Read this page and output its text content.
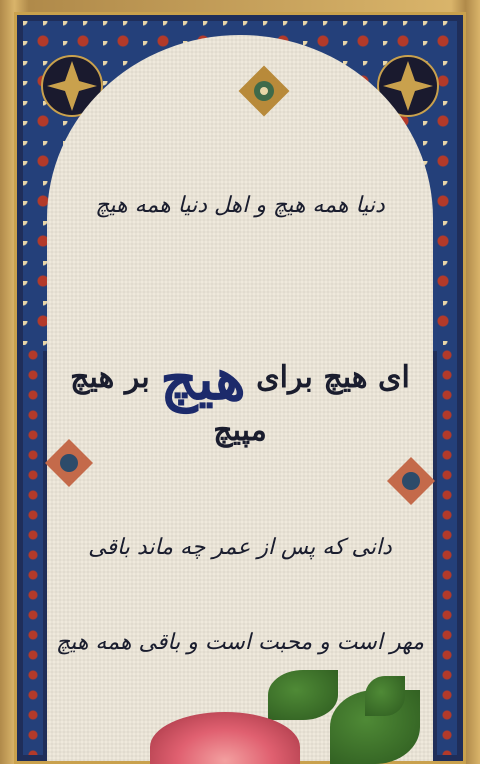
دنیا همه هیچ و اهل دنیا همه هیچ
ای هیچ برای هیچ بر هیچ مپیچ
دانی که پس از عمر چه ماند باقی
مهر است و محبت است و باقی همه هیچ
